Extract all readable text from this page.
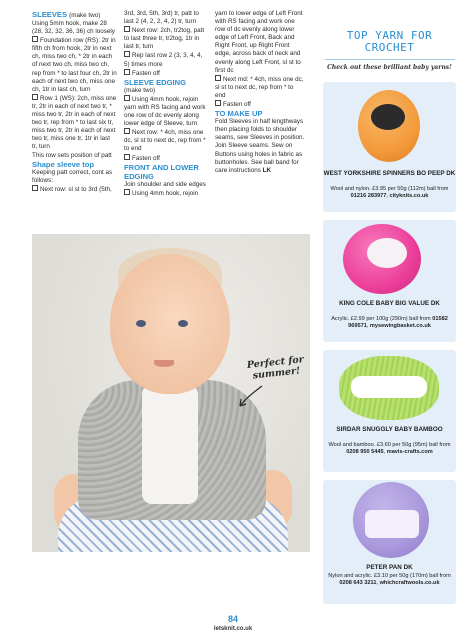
SLEEVES (make two)

Using 5mm hook, make 28 (28, 32, 32, 36, 36) ch loosely

Foundation row (RS): 2tr in fifth ch from hook, 2tr in next ch, miss two ch, * 2tr in each of next two ch, miss two ch, rep from * to last four ch, 2tr in each of next two ch, miss one ch, 1tr in last ch, turn

Row 1 (WS): 2ch, miss one tr, 2tr in each of next two tr, * miss two tr, 2tr in each of next two tr, rep from * to last six tr, miss two tr, 2tr in each of next two tr, miss one tr, 1tr in last tr, turn

This row sets position of patt

Shape sleeve top

Keeping patt correct, cont as follows:

Next row: sl st to 3rd (5th,

3rd, 3rd, 5th, 3rd) tr, patt to last 2 (4, 2, 2, 4, 2) tr, turn

Next row: 2ch, tr2tog, patt to last three tr, tr2tog, 1tr in last tr, turn

Rep last row 2 (3, 3, 4, 4, 5) times more

Fasten off

SLEEVE EDGING

(make two)

Using 4mm hook, rejoin yarn with RS facing and work one row of dc evenly along lower edge of Sleeve, turn

Next row: * 4ch, miss one dc, sl st to next dc, rep from * to end

Fasten off

FRONT AND LOWER EDGING

Join shoulder and side edges

Using 4mm hook, rejoin

yarn to lower edge of Left Front with RS facing and work one row of dc evenly along lower edge of Left Front, Back and Right Front, up Right Front edge, across back of neck and evenly along Left Front, sl st to first dc

Next rnd: * 4ch, miss one dc, sl st to next dc, rep from * to end

Fasten off

TO MAKE UP

Fold Sleeves in half lengthways then placing folds to shoulder seams, sew Sleeves in position. Join Sleeve seams. Sew on Buttons using holes in fabric as buttonholes. See ball band for care instructions LK

Perfect for summer!
TOP YARN FOR CROCHET
Check out these brilliant baby yarns!
WEST YORKSHIRE SPINNERS BO PEEP DK
Wool and nylon. £3.95 per 50g (112m) ball from 01216 283977, cityknits.co.uk
KING COLE BABY BIG VALUE DK
Acrylic. £2.99 per 100g (290m) ball from 01582 969571, mysewingbasket.co.uk
SIRDAR SNUGGLY BABY BAMBOO
Wool and bamboo. £3.60 per 50g (95m) ball from 0208 950 5445, mavis-crafts.com
PETER PAN DK
Nylon and acrylic. £3.10 per 50g (170m) ball from 0208 643 3211, whichcraftwools.co.uk
84
letsknit.co.uk
